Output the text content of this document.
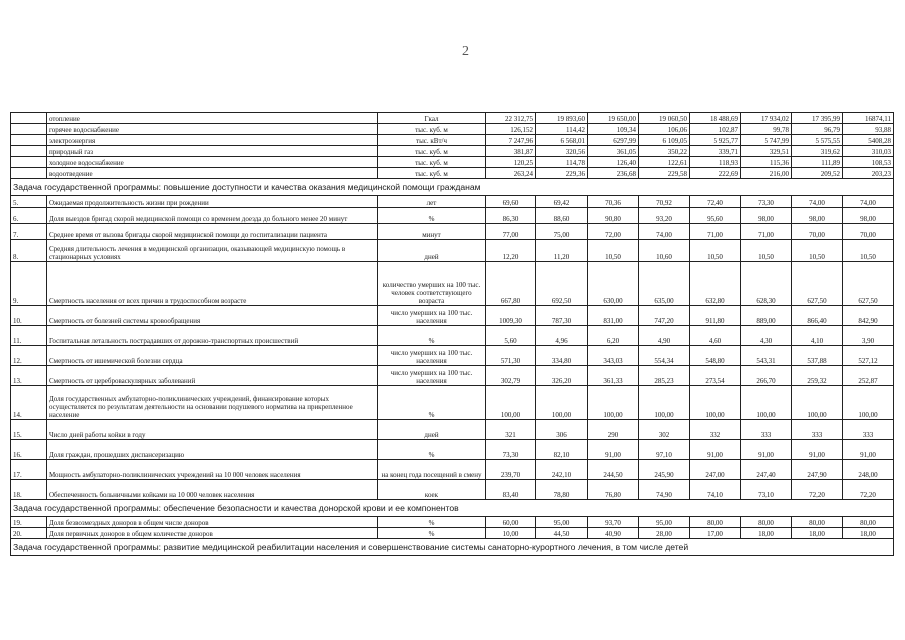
2
	отопление	Гкал	22 312,75	19 893,60	19 650,00	19 060,50	18 488,69	17 934,02	17 395,99	16874,11
	горячее водоснабжение	тыс. куб. м	126,152	114,42	109,34	106,06	102,87	99,78	96,79	93,88
	электроэнергия	тыс. кВт/ч	7 247,96	6 568,01	6297,99	6 109,05	5 925,77	5 747,99	5 575,55	5408,28
	природный газ	тыс. куб. м	381,87	320,56	361,05	350,22	339,71	329,51	319,62	310,03
	холодное водоснабжение	тыс. куб. м	120,25	114,78	126,40	122,61	118,93	115,36	111,89	108,53
	водоотведение	тыс. куб. м	263,24	229,36	236,68	229,58	222,69	216,00	209,52	203,23
Задача государственной программы: повышение доступности и качества оказания медицинской помощи гражданам										
5.	Ожидаемая продолжительность жизни при рождении	лет	69,60	69,42	70,36	70,92	72,40	73,30	74,00	74,00
6.	Доля выездов бригад скорой медицинской помощи со временем доезда до больного менее 20 минут	%	86,30	88,60	90,80	93,20	95,60	98,00	98,00	98,00
7.	Среднее время от вызова бригады скорой медицинской помощи до госпитализации пациента	минут	77,00	75,00	72,00	74,00	71,00	71,00	70,00	70,00
8.	Средняя длительность лечения в медицинской организации, оказывающей медицинскую помощь в стационарных условиях	дней	12,20	11,20	10,50	10,60	10,50	10,50	10,50	10,50
9.	Смертность населения от всех причин в трудоспособном возрасте	количество умерших на 100 тыс. человек соответствующего возраста	667,80	692,50	630,00	635,00	632,80	628,30	627,50	627,50
10.	Смертность от болезней системы кровообращения	число умерших на 100 тыс. населения	1009,30	787,30	831,00	747,20	911,80	889,00	866,40	842,90
11.	Госпитальная летальность пострадавших от дорожно-транспортных происшествий	%	5,60	4,96	6,20	4,90	4,60	4,30	4,10	3,90
12.	Смертность от ишемической болезни сердца	число умерших на 100 тыс. населения	571,30	334,80	343,03	554,34	548,80	543,31	537,88	527,12
13.	Смертность от цереброваскулярных заболеваний	число умерших на 100 тыс. населения	302,79	326,20	361,33	285,23	273,54	266,70	259,32	252,87
14.	Доля государственных амбулаторно-поликлинических учреждений, финансирование которых осуществляется по результатам деятельности на основании подушевого норматива на прикрепленное население	%	100,00	100,00	100,00	100,00	100,00	100,00	100,00	100,00
15.	Число дней работы койки в году	дней	321	306	290	302	332	333	333	333
16.	Доля граждан, прошедших диспансеризацию	%	73,30	82,10	91,00	97,10	91,00	91,00	91,00	91,00
17.	Мощность амбулаторно-поликлинических учреждений на 10 000 человек населения	на конец года посещений в смену	239,70	242,10	244,50	245,90	247,00	247,40	247,90	248,00
18.	Обеспеченность больничными койками на 10 000 человек населения	коек	83,40	78,80	76,80	74,90	74,10	73,10	72,20	72,20
Задача государственной программы: обеспечение безопасности и качества донорской крови и ее компонентов										
19.	Доля безвозмездных доноров в общем числе доноров	%	60,00	95,00	93,70	95,00	80,00	80,00	80,00	80,00
20.	Доля первичных доноров в общем количестве доноров	%	10,00	44,50	40,90	28,00	17,00	18,00	18,00	18,00
Задача государственной программы: развитие медицинской реабилитации населения и совершенствование системы санаторно-курортного лечения, в том числе детей										
